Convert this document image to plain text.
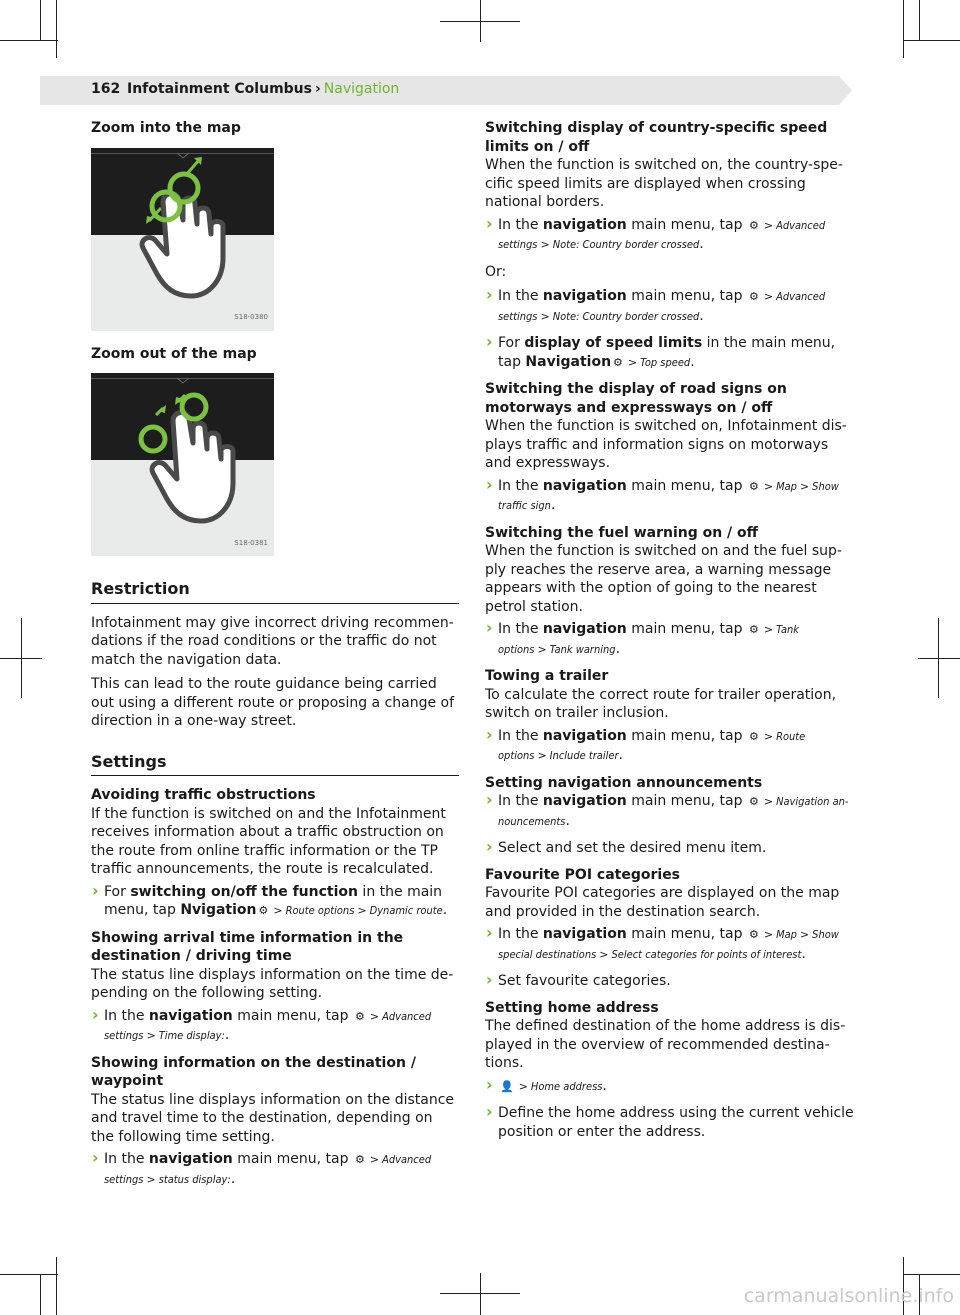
162 Infotainment Columbus › Navigation
Zoom into the map
S18-0380
Zoom out of the map
S18-0381
Restriction
Infotainment may give incorrect driving recommendations if the road conditions or the traffic do not match the navigation data.
This can lead to the route guidance being carried out using a different route or proposing a change of direction in a one-way street.
Settings
Avoiding traffic obstructions
If the function is switched on and the Infotainment receives information about a traffic obstruction on the route from online traffic information or the TP traffic announcements, the route is recalculated.
› For switching on/off the function in the main menu, tap Nvigation ⚙ > Route options > Dynamic route.
Showing arrival time information in the destination / driving time
The status line displays information on the time depending on the following setting.
› In the navigation main menu, tap ⚙ > Advanced settings > Time display:.
Showing information on the destination / waypoint
The status line displays information on the distance and travel time to the destination, depending on the following time setting.
› In the navigation main menu, tap ⚙ > Advanced settings > status display:.
Switching display of country-specific speed limits on / off
When the function is switched on, the country-specific speed limits are displayed when crossing national borders.
› In the navigation main menu, tap ⚙ > Advanced settings > Note: Country border crossed.
Or:
› In the navigation main menu, tap ⚙ > Advanced settings > Note: Country border crossed.
› For display of speed limits in the main menu, tap Navigation ⚙ > Top speed.
Switching the display of road signs on motorways and expressways on / off
When the function is switched on, Infotainment displays traffic and information signs on motorways and expressways.
› In the navigation main menu, tap ⚙ > Map > Show traffic sign.
Switching the fuel warning on / off
When the function is switched on and the fuel supply reaches the reserve area, a warning message appears with the option of going to the nearest petrol station.
› In the navigation main menu, tap ⚙ > Tank options > Tank warning.
Towing a trailer
To calculate the correct route for trailer operation, switch on trailer inclusion.
› In the navigation main menu, tap ⚙ > Route options > Include trailer.
Setting navigation announcements
› In the navigation main menu, tap ⚙ > Navigation announcements.
› Select and set the desired menu item.
Favourite POI categories
Favourite POI categories are displayed on the map and provided in the destination search.
› In the navigation main menu, tap ⚙ > Map > Show special destinations > Select categories for points of interest.
› Set favourite categories.
Setting home address
The defined destination of the home address is displayed in the overview of recommended destinations.
› 👤 > Home address.
› Define the home address using the current vehicle position or enter the address.
carmanualsonline.info
